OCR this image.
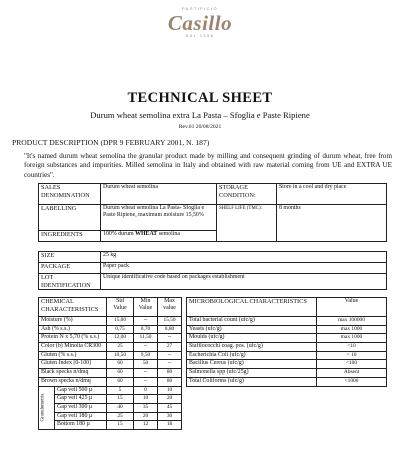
PASTIFICIO
Casillo
DAL 1958
TECHNICAL SHEET
Durum wheat semolina extra La Pasta – Sfoglia e Paste Ripiene
Rev.01 20/08/2021
PRODUCT DESCRIPTION (DPR 9 FEBRUARY 2001, N. 187)
"It's named durum wheat semolina the granular product made by milling and consequent grinding of durum wheat, free from foreign substances and impurities. Milled semolina in Italy and obtained with raw material coming from UE and EXTRA UE countries".
SALES DENOMINATION	Durum wheat semolina	STORAGE CONDITION:	Store in a cool and dry place
LABELLING	Durum wheat semolina La Pasta- Sfoglia e Paste Ripiene, maximum moisture 15,50%	SHELF LIFE (TMC):	8 months
INGREDIENTS	100% durum WHEAT semolina		
SIZE	25 kg
PACKAGE	Paper pack
LOT IDENTIFICATION	Unique identificative code based on packages establishment
CHEMICAL CHARACTERISTICS		Std Value	Min Value	Max value		MICROBIOLOGICAL CHARACTERISTICS	Value
Moisture (%)		15,00	--	15,50		Total bacterial count (ufc/g)	max 100000
Ash (% s.s.)		0,75	0,70	0,80		Yeasts (ufc/g)	max 1000
Protein N x 5,70 (% s.s.)		12,00	11,50	--		Moulds (ufc/g)	max 1000
Color (b) Minolta CR300		25	--	27		Stafilococchi coag. pos. (ufc/g)	<10
Gluten (% s.s.)		10,50	9,50	--		Escherichia Coli (ufc/g)	< 10
Gluten Index [0-100]		60	50	--		Bacillus Cereus (ufc/g)	<100
Black specks n/dmq		60	--	80		Salmonella spp (ufc/25g)	Absent
Brown specks n/dmq		60	--	80		Total Coliforms (ufc/g)	<1000
Granulometria	Gap veil 500 µ	5	0	10			
	Gap veil 425 µ	15	10	20			
	Gap veil 300 µ	40	35	45			
	Gap veil 180 µ	25	20	30			
	Bottom 180 µ	15	12	18			
